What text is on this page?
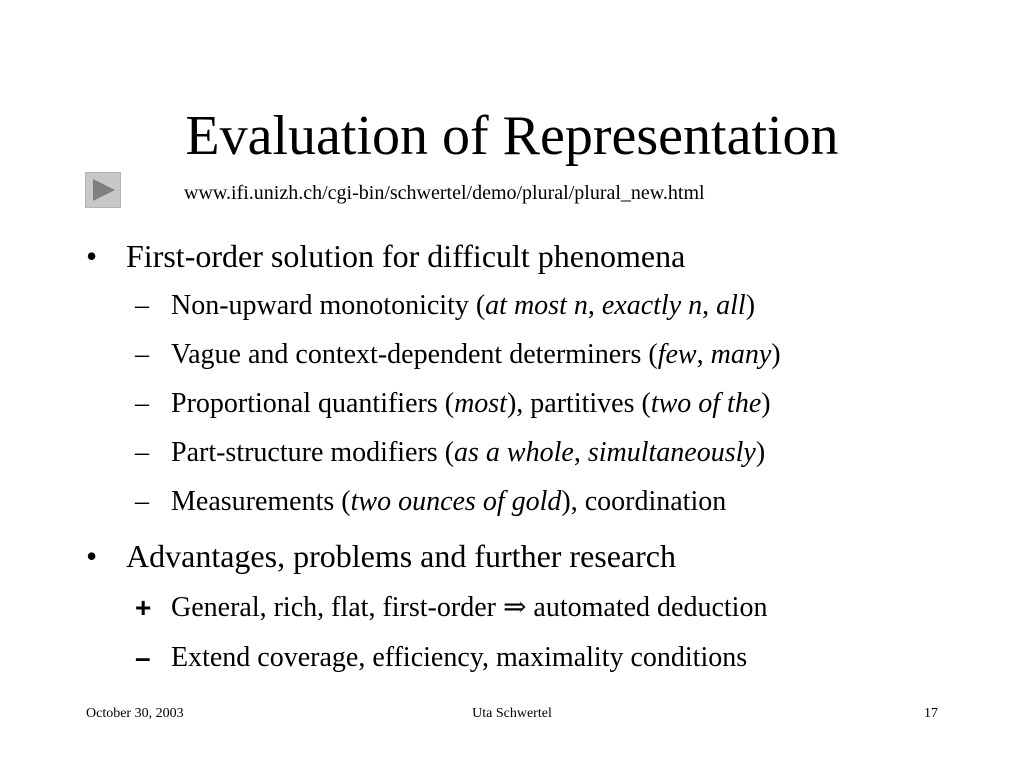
Evaluation of Representation
www.ifi.unizh.ch/cgi-bin/schwertel/demo/plural/plural_new.html
• First-order solution for difficult phenomena
– Non-upward monotonicity (at most n, exactly n, all)
– Vague and context-dependent determiners (few, many)
– Proportional quantifiers (most), partitives (two of the)
– Part-structure modifiers (as a whole, simultaneously)
– Measurements (two ounces of gold), coordination
• Advantages, problems and further research
+ General, rich, flat, first-order ⇒ automated deduction
– Extend coverage, efficiency, maximality conditions
October 30, 2003	Uta Schwertel	17
